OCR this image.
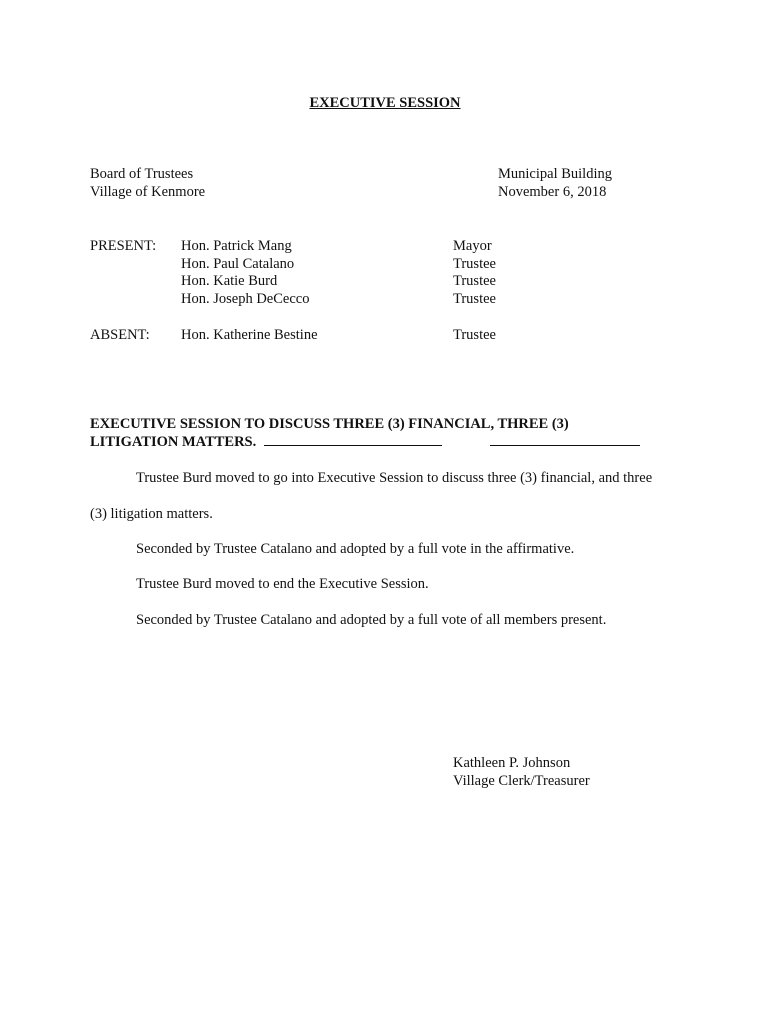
EXECUTIVE SESSION
Board of Trustees
Village of Kenmore
Municipal Building
November 6, 2018
PRESENT: Hon. Patrick Mang	Mayor
Hon. Paul Catalano	Trustee
Hon. Katie Burd	Trustee
Hon. Joseph DeCecco	Trustee
ABSENT: Hon. Katherine Bestine	Trustee
EXECUTIVE SESSION TO DISCUSS THREE (3) FINANCIAL, THREE (3)
LITIGATION MATTERS.
Trustee Burd moved to go into Executive Session to discuss three (3) financial, and three
(3) litigation matters.
Seconded by Trustee Catalano and adopted by a full vote in the affirmative.
Trustee Burd moved to end the Executive Session.
Seconded by Trustee Catalano and adopted by a full vote of all members present.
Kathleen P. Johnson
Village Clerk/Treasurer
